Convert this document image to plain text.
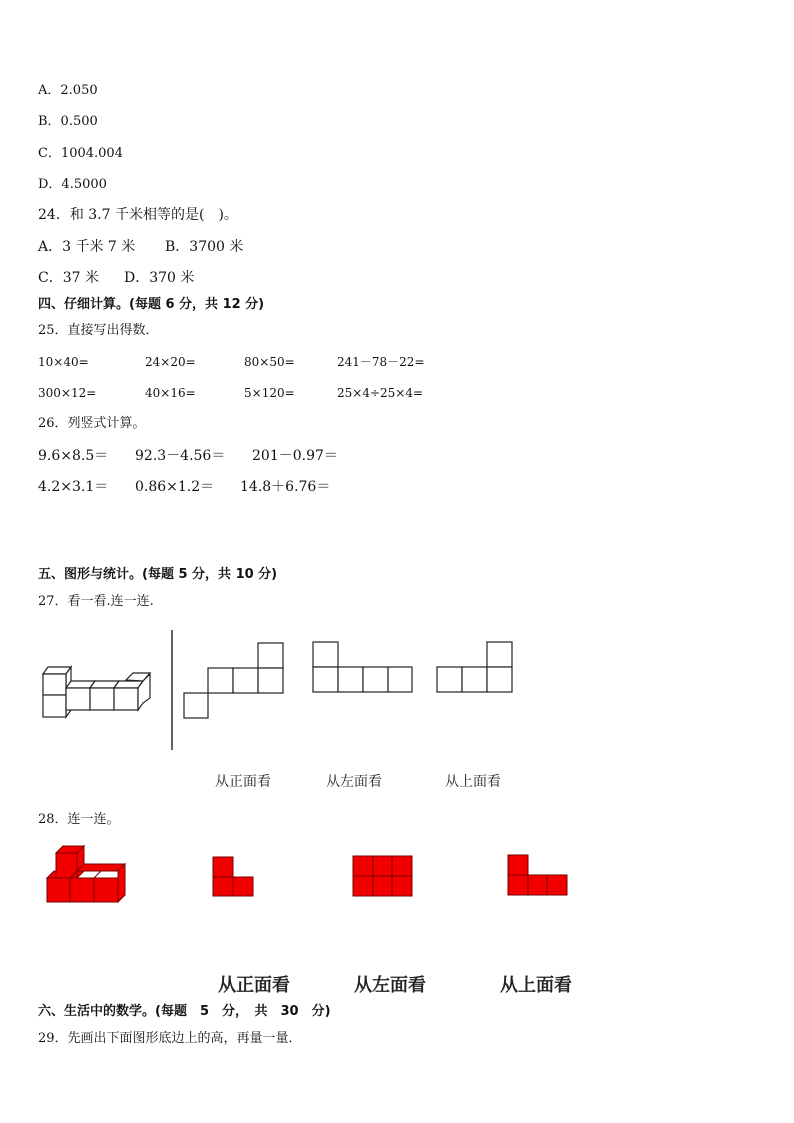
A．2.050
B．0.500
C．1004.004
D．4.5000
24．和 3.7 千米相等的是(　)。
A．3 千米 7 米 B．3700 米
C．37 米 D．370 米
四、仔细计算。(每题 6 分，共 12 分)
25．直接写出得数．
10×40=	24×20=	80×50=	241－78－22=
300×12=	40×16=	5×120=	25×4÷25×4=
26．列竖式计算。
9.6×8.5＝ 92.3－4.56＝ 201－0.97＝
4.2×3.1＝ 0.86×1.2＝ 14.8＋6.76＝
五、图形与统计。(每题 5 分，共 10 分)
27．看一看.连一连.
从正面看	从左面看	从上面看
28．连一连。
从正面看	从左面看	从上面看
六、生活中的数学。(每题　5　分，　共　30　分)
29．先画出下面图形底边上的高，再量一量．
